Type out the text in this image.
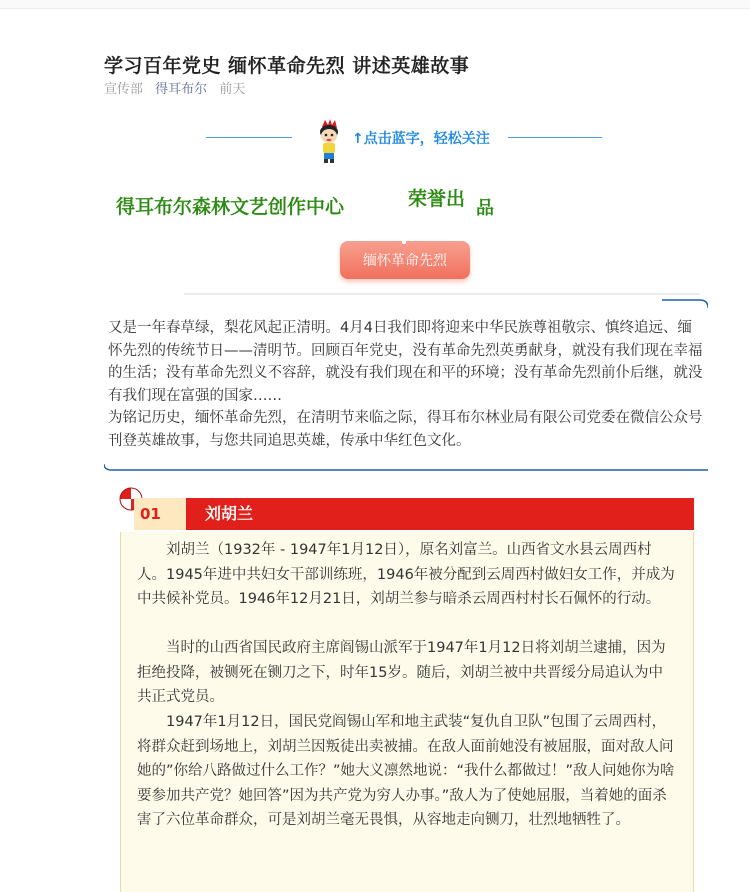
学习百年党史 缅怀革命先烈 讲述英雄故事
宣传部 得耳布尔 前天
↑点击蓝字，轻松关注
得耳布尔森林文艺创作中心	荣誉出 品
缅怀革命先烈

又是一年春草绿，梨花风起正清明。4月4日我们即将迎来中华民族尊祖敬宗、慎终追远、缅怀先烈的传统节日——清明节。回顾百年党史，没有革命先烈英勇献身，就没有我们现在幸福的生活；没有革命先烈义不容辞，就没有我们现在和平的环境；没有革命先烈前仆后继，就没有我们现在富强的国家……

为铭记历史，缅怀革命先烈，在清明节来临之际，得耳布尔林业局有限公司党委在微信公众号刊登英雄故事，与您共同追思英雄，传承中华红色文化。

01	刘胡兰

刘胡兰（1932年 - 1947年1月12日），原名刘富兰。山西省文水县云周西村人。1945年进中共妇女干部训练班，1946年被分配到云周西村做妇女工作，并成为中共候补党员。1946年12月21日，刘胡兰参与暗杀云周西村村长石佩怀的行动。

当时的山西省国民政府主席阎锡山派军于1947年1月12日将刘胡兰逮捕，因为拒绝投降，被铡死在铡刀之下，时年15岁。随后，刘胡兰被中共晋绥分局追认为中共正式党员。

1947年1月12日，国民党阎锡山军和地主武装“复仇自卫队”包围了云周西村，将群众赶到场地上，刘胡兰因叛徒出卖被捕。在敌人面前她没有被屈服，面对敌人问她的”你给八路做过什么工作？”她大义凛然地说：“我什么都做过！”敌人问她你为啥要参加共产党？她回答”因为共产党为穷人办事。”敌人为了使她屈服，当着她的面杀害了六位革命群众，可是刘胡兰毫无畏惧，从容地走向铡刀，壮烈地牺牲了。
